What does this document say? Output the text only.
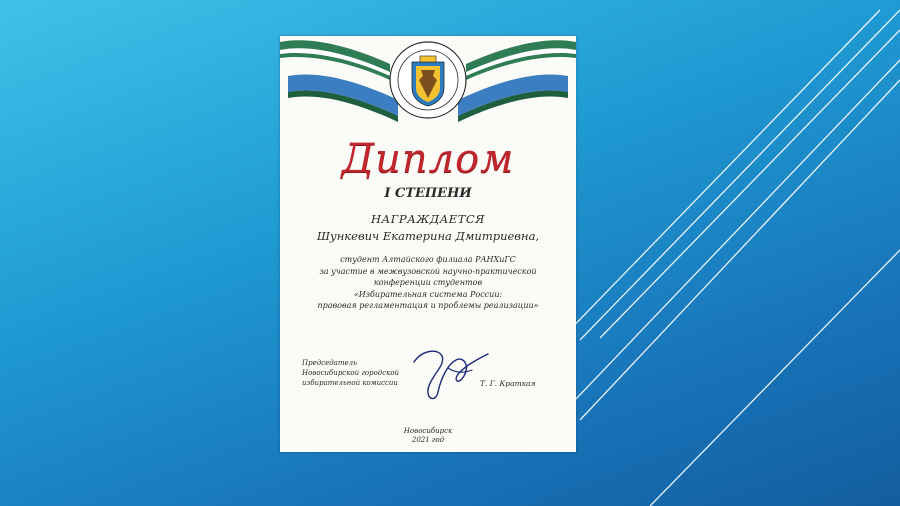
Диплом
I СТЕПЕНИ
НАГРАЖДАЕТСЯ
Шункевич Екатерина Дмитриевна,
студент Алтайского филиала РАНХиГС
за участие в межвузовской научно-практической
конференции студентов
«Избирательная система России:
правовая регламентация и проблемы реализации»
Председатель
Новосибирской городской
избирательной комиссии	Т. Г. Краткая
Новосибирск
2021 год
